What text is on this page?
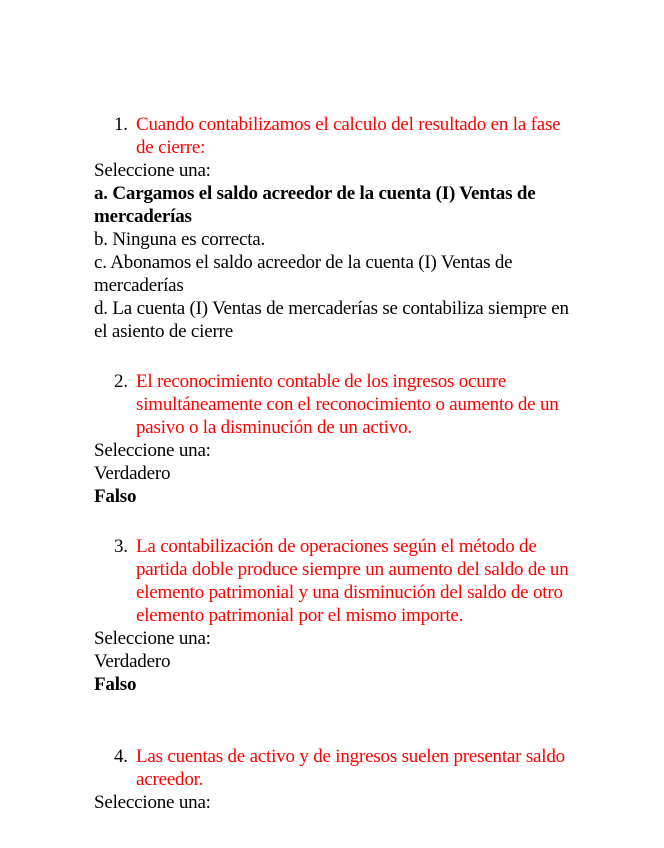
1. Cuando contabilizamos el calculo del resultado en la fase de cierre:
Seleccione una:
a. Cargamos el saldo acreedor de la cuenta (I) Ventas de mercaderías
b. Ninguna es correcta.
c. Abonamos el saldo acreedor de la cuenta (I) Ventas de mercaderías
d. La cuenta (I) Ventas de mercaderías se contabiliza siempre en el asiento de cierre
2. El reconocimiento contable de los ingresos ocurre simultáneamente con el reconocimiento o aumento de un pasivo o la disminución de un activo.
Seleccione una:
Verdadero
Falso
3. La contabilización de operaciones según el método de partida doble produce siempre un aumento del saldo de un elemento patrimonial y una disminución del saldo de otro elemento patrimonial por el mismo importe.
Seleccione una:
Verdadero
Falso
4. Las cuentas de activo y de ingresos suelen presentar saldo acreedor.
Seleccione una:
